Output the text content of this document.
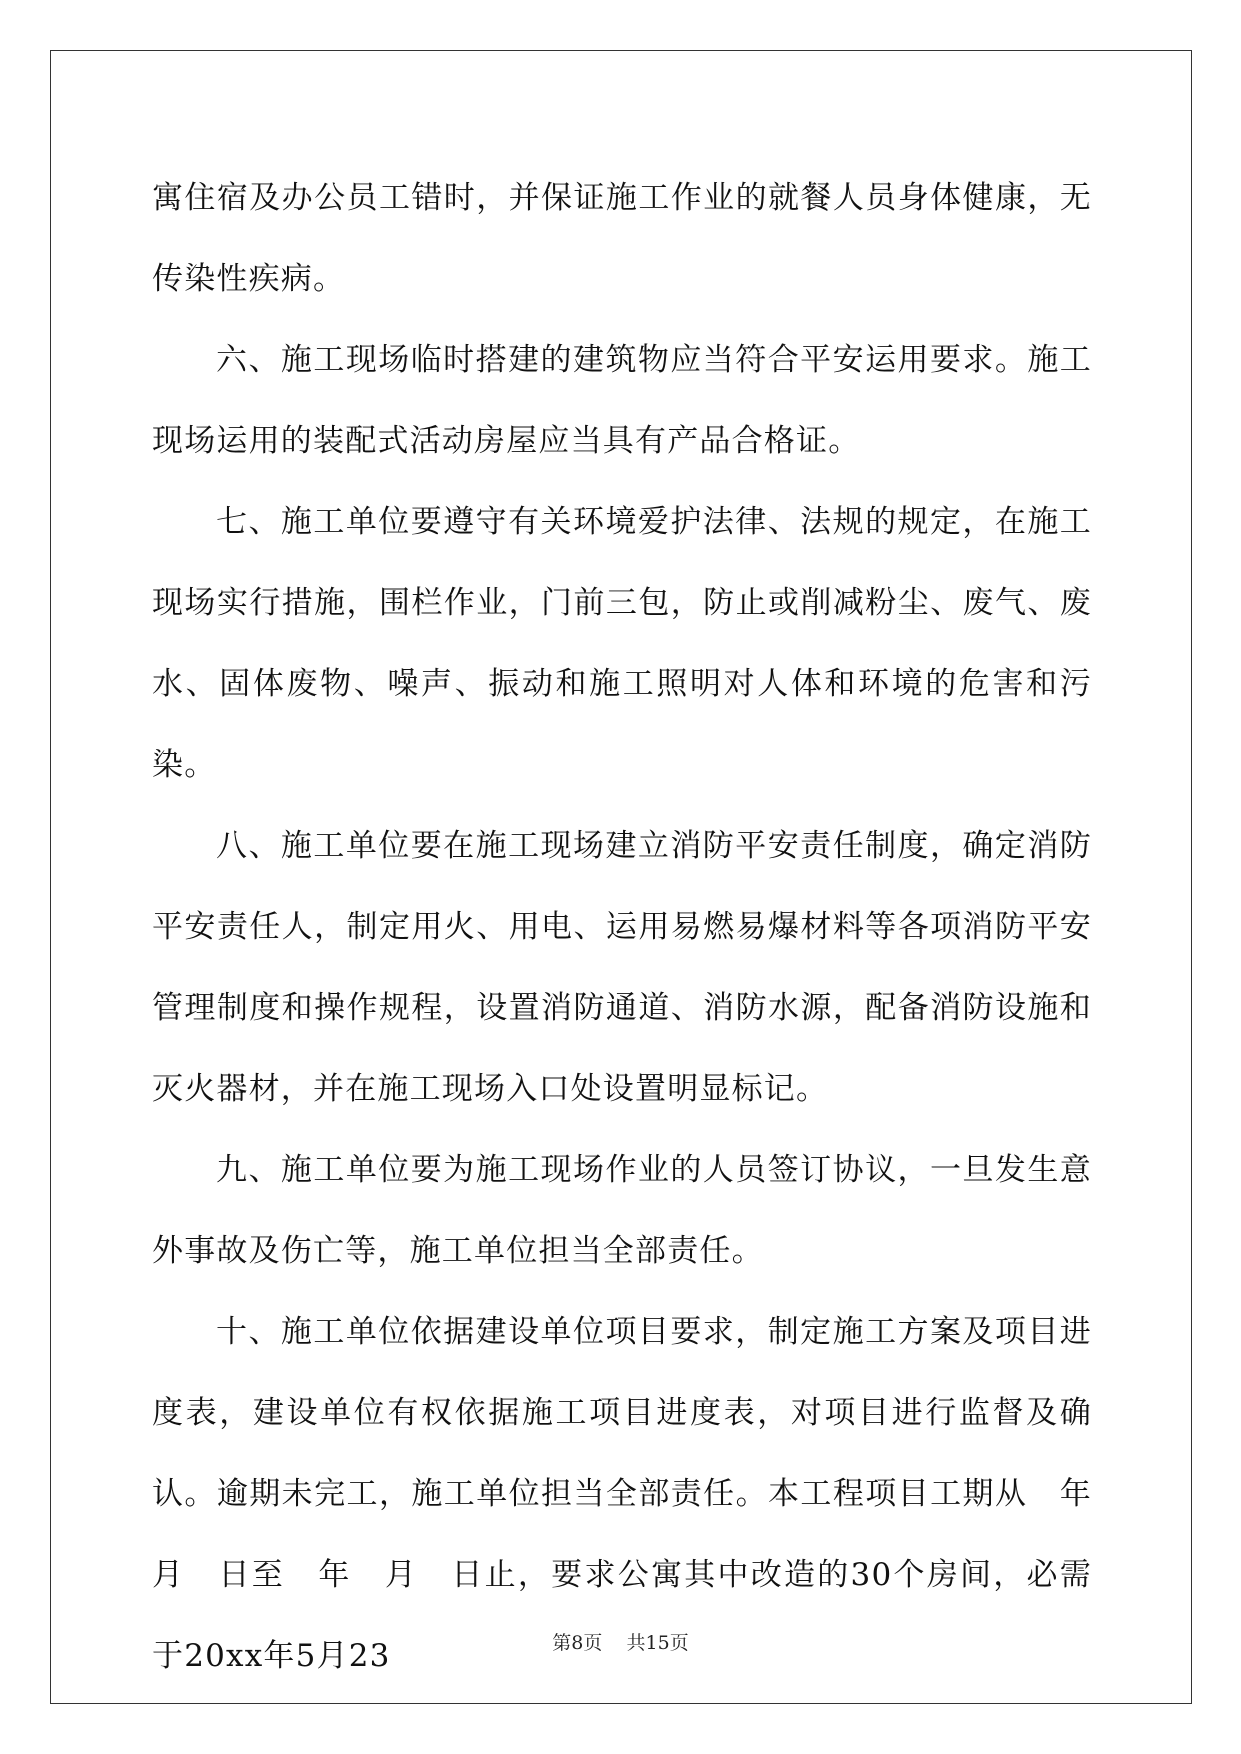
寓住宿及办公员工错时，并保证施工作业的就餐人员身体健康，无传染性疾病。

六、施工现场临时搭建的建筑物应当符合平安运用要求。施工现场运用的装配式活动房屋应当具有产品合格证。

七、施工单位要遵守有关环境爱护法律、法规的规定，在施工现场实行措施，围栏作业，门前三包，防止或削减粉尘、废气、废水、固体废物、噪声、振动和施工照明对人体和环境的危害和污染。

八、施工单位要在施工现场建立消防平安责任制度，确定消防平安责任人，制定用火、用电、运用易燃易爆材料等各项消防平安管理制度和操作规程，设置消防通道、消防水源，配备消防设施和灭火器材，并在施工现场入口处设置明显标记。

九、施工单位要为施工现场作业的人员签订协议，一旦发生意外事故及伤亡等，施工单位担当全部责任。

十、施工单位依据建设单位项目要求，制定施工方案及项目进度表，建设单位有权依据施工项目进度表，对项目进行监督及确认。逾期未完工，施工单位担当全部责任。本工程项目工期从　年　月　日至　年　月　日止，要求公寓其中改造的30个房间，必需于20xx年5月23	第8页 共15页
